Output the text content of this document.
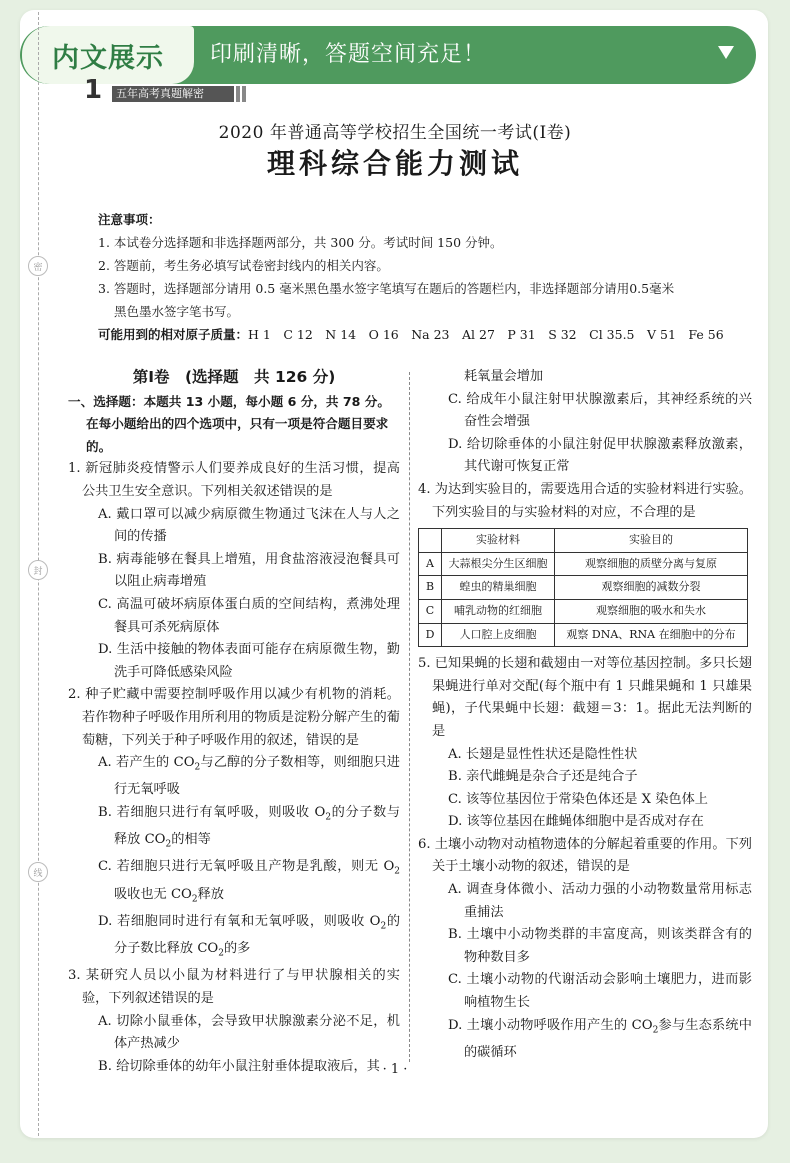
内文展示	印刷清晰，答题空间充足！
密
封
线
1	五年高考真题解密
2020 年普通高等学校招生全国统一考试(Ⅰ卷)
理科综合能力测试
注意事项：
1. 本试卷分选择题和非选择题两部分，共 300 分。考试时间 150 分钟。
2. 答题前，考生务必填写试卷密封线内的相关内容。
3. 答题时，选择题部分请用 0.5 毫米黑色墨水签字笔填写在题后的答题栏内，非选择题部分请用0.5毫米
黑色墨水签字笔书写。
可能用到的相对原子质量：H 1　C 12　N 14　O 16　Na 23　Al 27　P 31　S 32　Cl 35.5　V 51　Fe 56
第Ⅰ卷　(选择题　共 126 分)
一、选择题：本题共 13 小题，每小题 6 分，共 78 分。在每小题给出的四个选项中，只有一项是符合题目要求的。
1. 新冠肺炎疫情警示人们要养成良好的生活习惯，提高公共卫生安全意识。下列相关叙述错误的是
A. 戴口罩可以减少病原微生物通过飞沫在人与人之间的传播
B. 病毒能够在餐具上增殖，用食盐溶液浸泡餐具可以阻止病毒增殖
C. 高温可破坏病原体蛋白质的空间结构，煮沸处理餐具可杀死病原体
D. 生活中接触的物体表面可能存在病原微生物，勤洗手可降低感染风险
2. 种子贮藏中需要控制呼吸作用以减少有机物的消耗。若作物种子呼吸作用所利用的物质是淀粉分解产生的葡萄糖，下列关于种子呼吸作用的叙述，错误的是
A. 若产生的 $CO_2$与乙醇的分子数相等，则细胞只进行无氧呼吸
B. 若细胞只进行有氧呼吸，则吸收 $O_2$的分子数与释放 $CO_2$的相等
C. 若细胞只进行无氧呼吸且产物是乳酸，则无 $O_2$吸收也无 $CO_2$释放
D. 若细胞同时进行有氧和无氧呼吸，则吸收 $O_2$的分子数比释放 $CO_2$的多
3. 某研究人员以小鼠为材料进行了与甲状腺相关的实验，下列叙述错误的是
A. 切除小鼠垂体，会导致甲状腺激素分泌不足，机体产热减少
B. 给切除垂体的幼年小鼠注射垂体提取液后，其
耗氧量会增加
C. 给成年小鼠注射甲状腺激素后，其神经系统的兴奋性会增强
D. 给切除垂体的小鼠注射促甲状腺激素释放激素，其代谢可恢复正常
4. 为达到实验目的，需要选用合适的实验材料进行实验。下列实验目的与实验材料的对应，不合理的是
	实验材料	实验目的
A	大蒜根尖分生区细胞	观察细胞的质壁分离与复原
B	蝗虫的精巢细胞	观察细胞的减数分裂
C	哺乳动物的红细胞	观察细胞的吸水和失水
D	人口腔上皮细胞	观察 DNA、RNA 在细胞中的分布
5. 已知果蝇的长翅和截翅由一对等位基因控制。多只长翅果蝇进行单对交配(每个瓶中有 1 只雌果蝇和 1 只雄果蝇)，子代果蝇中长翅：截翅＝3：1。据此无法判断的是
A. 长翅是显性性状还是隐性性状
B. 亲代雌蝇是杂合子还是纯合子
C. 该等位基因位于常染色体还是 X 染色体上
D. 该等位基因在雌蝇体细胞中是否成对存在
6. 土壤小动物对动植物遗体的分解起着重要的作用。下列关于土壤小动物的叙述，错误的是
A. 调查身体微小、活动力强的小动物数量常用标志重捕法
B. 土壤中小动物类群的丰富度高，则该类群含有的物种数目多
C. 土壤小动物的代谢活动会影响土壤肥力，进而影响植物生长
D. 土壤小动物呼吸作用产生的 $CO_2$参与生态系统中的碳循环
· 1 ·
